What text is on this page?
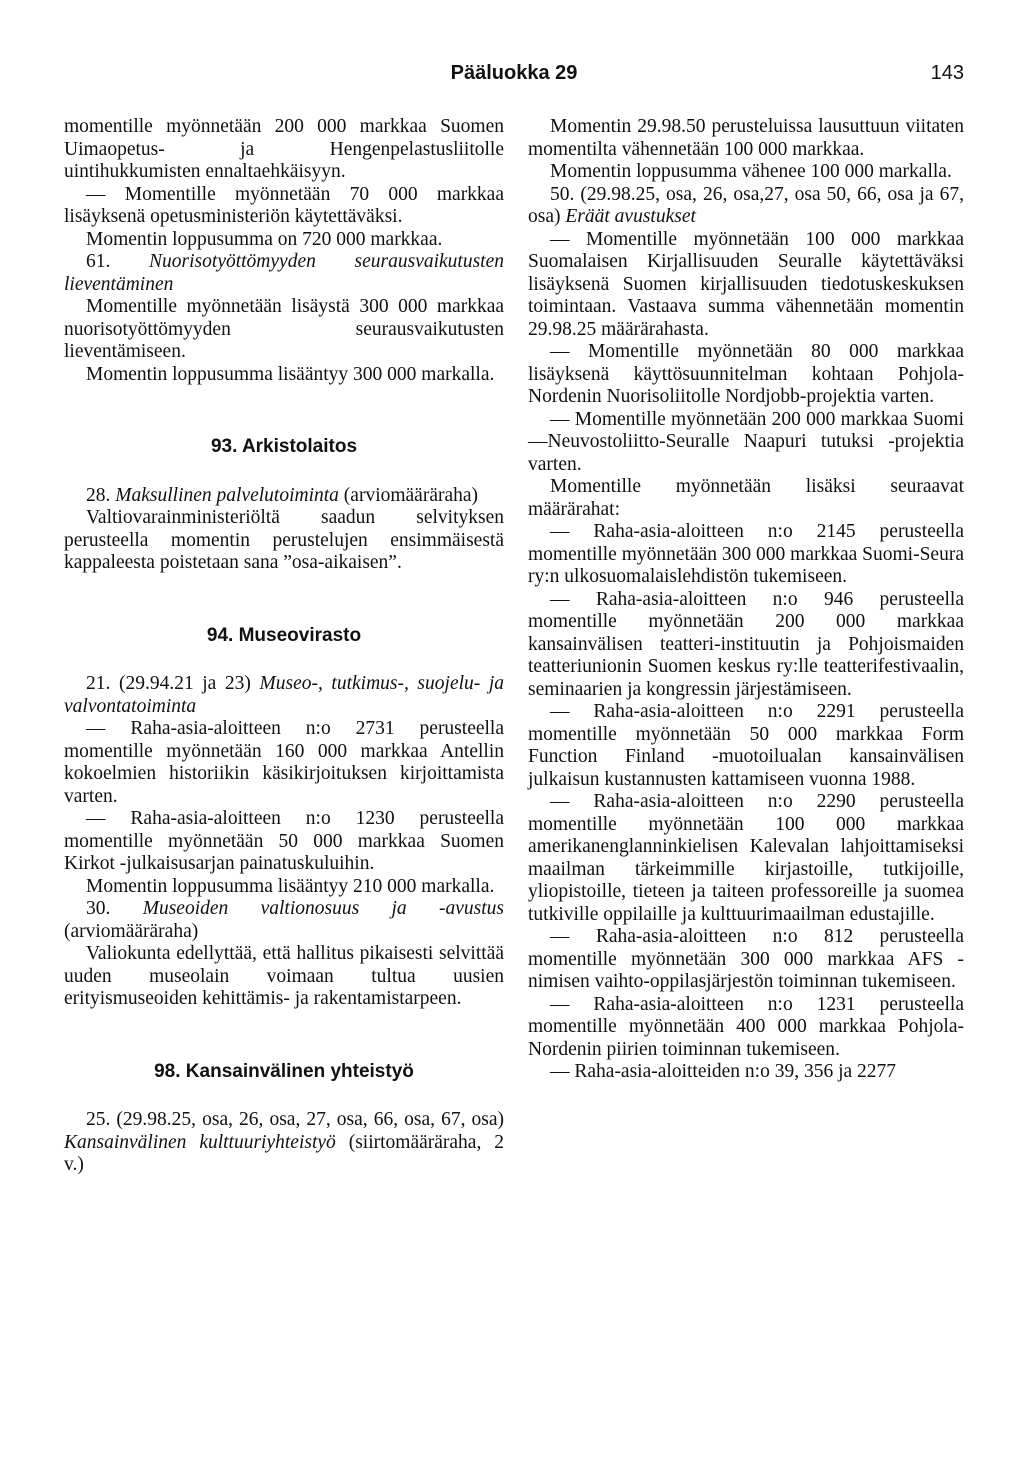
Pääluokka 29	143

momentille myönnetään 200 000 markkaa Suomen Uimaopetus- ja Hengenpelastusliitolle uintihukkumisten ennaltaehkäisyyn.

— Momentille myönnetään 70 000 markkaa lisäyksenä opetusministeriön käytettäväksi.

Momentin loppusumma on 720 000 markkaa.

61. Nuorisotyöttömyyden seurausvaikutusten lieventäminen

Momentille myönnetään lisäystä 300 000 markkaa nuorisotyöttömyyden seurausvaikutusten lieventämiseen.

Momentin loppusumma lisääntyy 300 000 markalla.

93. Arkistolaitos

28. Maksullinen palvelutoiminta (arviomääräraha)

Valtiovarainministeriöltä saadun selvityksen perusteella momentin perustelujen ensimmäisestä kappaleesta poistetaan sana ”osa-aikaisen”.

94. Museovirasto

21. (29.94.21 ja 23) Museo-, tutkimus-, suojelu- ja valvontatoiminta

— Raha-asia-aloitteen n:o 2731 perusteella momentille myönnetään 160 000 markkaa Antellin kokoelmien historiikin käsikirjoituksen kirjoittamista varten.

— Raha-asia-aloitteen n:o 1230 perusteella momentille myönnetään 50 000 markkaa Suomen Kirkot -julkaisusarjan painatuskuluihin.

Momentin loppusumma lisääntyy 210 000 markalla.

30. Museoiden valtionosuus ja -avustus (arviomääräraha)

Valiokunta edellyttää, että hallitus pikaisesti selvittää uuden museolain voimaan tultua uusien erityismuseoiden kehittämis- ja rakentamistarpeen.

98. Kansainvälinen yhteistyö

25. (29.98.25, osa, 26, osa, 27, osa, 66, osa, 67, osa) Kansainvälinen kulttuuriyhteistyö (siirtomääräraha, 2 v.)

Momentin 29.98.50 perusteluissa lausuttuun viitaten momentilta vähennetään 100 000 markkaa.

Momentin loppusumma vähenee 100 000 markalla.

50. (29.98.25, osa, 26, osa,27, osa 50, 66, osa ja 67, osa) Eräät avustukset

— Momentille myönnetään 100 000 markkaa Suomalaisen Kirjallisuuden Seuralle käytettäväksi lisäyksenä Suomen kirjallisuuden tiedotuskeskuksen toimintaan. Vastaava summa vähennetään momentin 29.98.25 määrärahasta.

— Momentille myönnetään 80 000 markkaa lisäyksenä käyttösuunnitelman kohtaan Pohjola-Nordenin Nuorisoliitolle Nordjobb-projektia varten.

— Momentille myönnetään 200 000 markkaa Suomi—Neuvostoliitto-Seuralle Naapuri tutuksi -projektia varten.

Momentille myönnetään lisäksi seuraavat määrärahat:

— Raha-asia-aloitteen n:o 2145 perusteella momentille myönnetään 300 000 markkaa Suomi-Seura ry:n ulkosuomalaislehdistön tukemiseen.

— Raha-asia-aloitteen n:o 946 perusteella momentille myönnetään 200 000 markkaa kansainvälisen teatteri-instituutin ja Pohjoismaiden teatteriunionin Suomen keskus ry:lle teatterifestivaalin, seminaarien ja kongressin järjestämiseen.

— Raha-asia-aloitteen n:o 2291 perusteella momentille myönnetään 50 000 markkaa Form Function Finland -muotoilualan kansainvälisen julkaisun kustannusten kattamiseen vuonna 1988.

— Raha-asia-aloitteen n:o 2290 perusteella momentille myönnetään 100 000 markkaa amerikanenglanninkielisen Kalevalan lahjoittamiseksi maailman tärkeimmille kirjastoille, tutkijoille, yliopistoille, tieteen ja taiteen professoreille ja suomea tutkiville oppilaille ja kulttuurimaailman edustajille.

— Raha-asia-aloitteen n:o 812 perusteella momentille myönnetään 300 000 markkaa AFS -nimisen vaihto-oppilasjärjestön toiminnan tukemiseen.

— Raha-asia-aloitteen n:o 1231 perusteella momentille myönnetään 400 000 markkaa Pohjola-Nordenin piirien toiminnan tukemiseen.

— Raha-asia-aloitteiden n:o 39, 356 ja 2277
